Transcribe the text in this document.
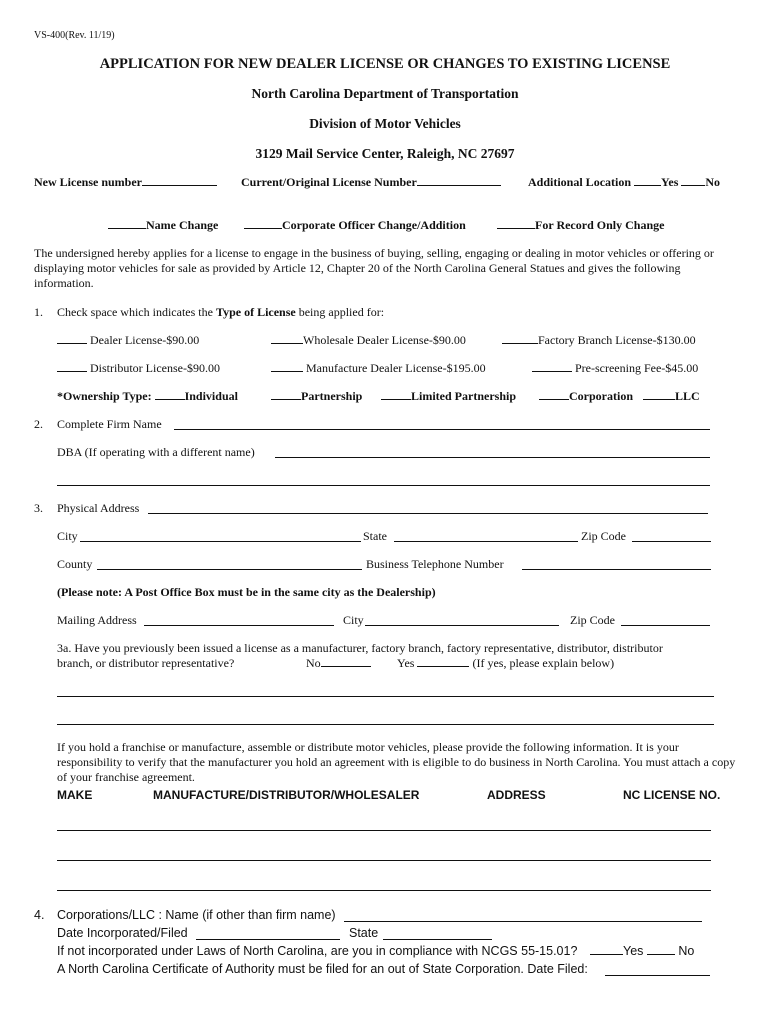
VS-400(Rev. 11/19)
APPLICATION FOR NEW DEALER LICENSE OR CHANGES TO EXISTING LICENSE
North Carolina Department of Transportation
Division of Motor Vehicles
3129 Mail Service Center, Raleigh, NC 27697
New License number	Current/Original License Number	Additional Location	Yes No
Name Change	Corporate Officer Change/Addition	For Record Only Change
The undersigned hereby applies for a license to engage in the business of buying, selling, engaging or dealing in motor vehicles or offering or displaying motor vehicles for sale as provided by Article 12, Chapter 20 of the North Carolina General Statues and gives the following information.
1. Check space which indicates the Type of License being applied for:
Dealer License-$90.00	Wholesale Dealer License-$90.00	Factory Branch License-$130.00
Distributor License-$90.00	Manufacture Dealer License-$195.00	Pre-screening Fee-$45.00
*Ownership Type:	Individual	Partnership	Limited Partnership	Corporation	LLC
2. Complete Firm Name
DBA (If operating with a different name)
3. Physical Address
City	State	Zip Code
County	Business Telephone Number
(Please note: A Post Office Box must be in the same city as the Dealership)
Mailing Address	City	Zip Code
3a. Have you previously been issued a license as a manufacturer, factory branch, factory representative, distributor, distributor
branch, or distributor representative?	No	Yes	(If yes, please explain below)
If you hold a franchise or manufacture, assemble or distribute motor vehicles, please provide the following information. It is your responsibility to verify that the manufacturer you hold an agreement with is eligible to do business in North Carolina. You must attach a copy of your franchise agreement.
MAKE	MANUFACTURE/DISTRIBUTOR/WHOLESALER	ADDRESS	NC LICENSE NO.
4. Corporations/LLC : Name (if other than firm name)
Date Incorporated/Filed	State
If not incorporated under Laws of North Carolina, are you in compliance with NCGS 55-15.01?	Yes	No
A North Carolina Certificate of Authority must be filed for an out of State Corporation. Date Filed:
